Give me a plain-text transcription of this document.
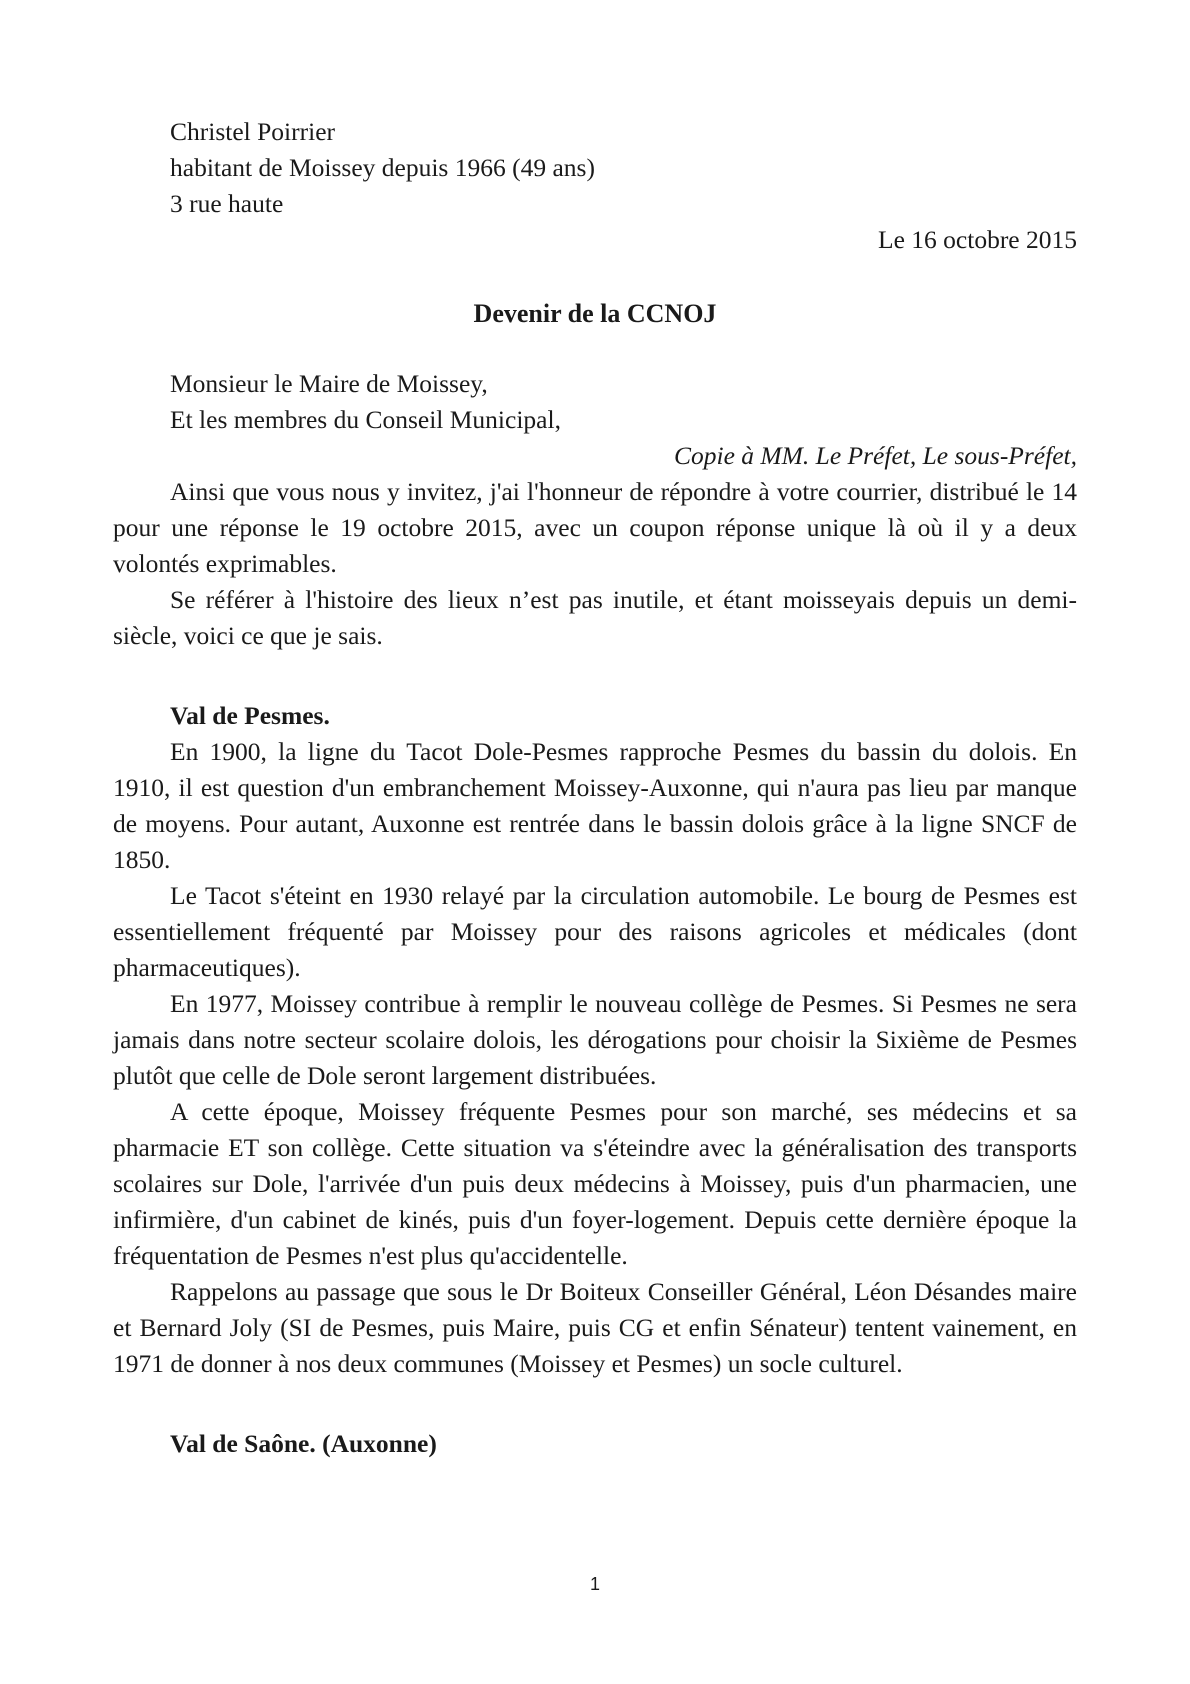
Christel Poirrier

habitant de Moissey depuis 1966 (49 ans)

3 rue haute

Le 16 octobre 2015

Devenir de la CCNOJ

Monsieur le Maire de Moissey,

Et les membres du Conseil Municipal,

Copie à MM. Le Préfet, Le sous-Préfet,

Ainsi que vous nous y invitez, j'ai l'honneur de répondre à votre courrier, distribué le 14 pour une réponse le 19 octobre 2015, avec un coupon réponse unique là où il y a deux volontés exprimables.

Se référer à l'histoire des lieux n’est pas inutile, et étant moisseyais depuis un demi-siècle, voici ce que je sais.

Val de Pesmes.

En 1900, la ligne du Tacot Dole-Pesmes rapproche Pesmes du bassin du dolois. En 1910, il est question d'un embranchement Moissey-Auxonne, qui n'aura pas lieu par manque de moyens. Pour autant, Auxonne est rentrée dans le bassin dolois grâce à la ligne SNCF de 1850.

Le Tacot s'éteint en 1930 relayé par la circulation automobile. Le bourg de Pesmes est essentiellement fréquenté par Moissey pour des raisons agricoles et médicales (dont pharmaceutiques).

En 1977, Moissey contribue à remplir le nouveau collège de Pesmes. Si Pesmes ne sera jamais dans notre secteur scolaire dolois, les dérogations pour choisir la Sixième de Pesmes plutôt que celle de Dole seront largement distribuées.

A cette époque, Moissey fréquente Pesmes pour son marché, ses médecins et sa pharmacie ET son collège. Cette situation va s'éteindre avec la généralisation des transports scolaires sur Dole, l'arrivée d'un puis deux médecins à Moissey, puis d'un pharmacien, une infirmière, d'un cabinet de kinés, puis d'un foyer-logement. Depuis cette dernière époque la fréquentation de Pesmes n'est plus qu'accidentelle.

Rappelons au passage que sous le Dr Boiteux Conseiller Général, Léon Désandes maire et Bernard Joly (SI de Pesmes, puis Maire, puis CG et enfin Sénateur) tentent vainement, en 1971 de donner à nos deux communes (Moissey et Pesmes) un socle culturel.

Val de Saône. (Auxonne)

1
